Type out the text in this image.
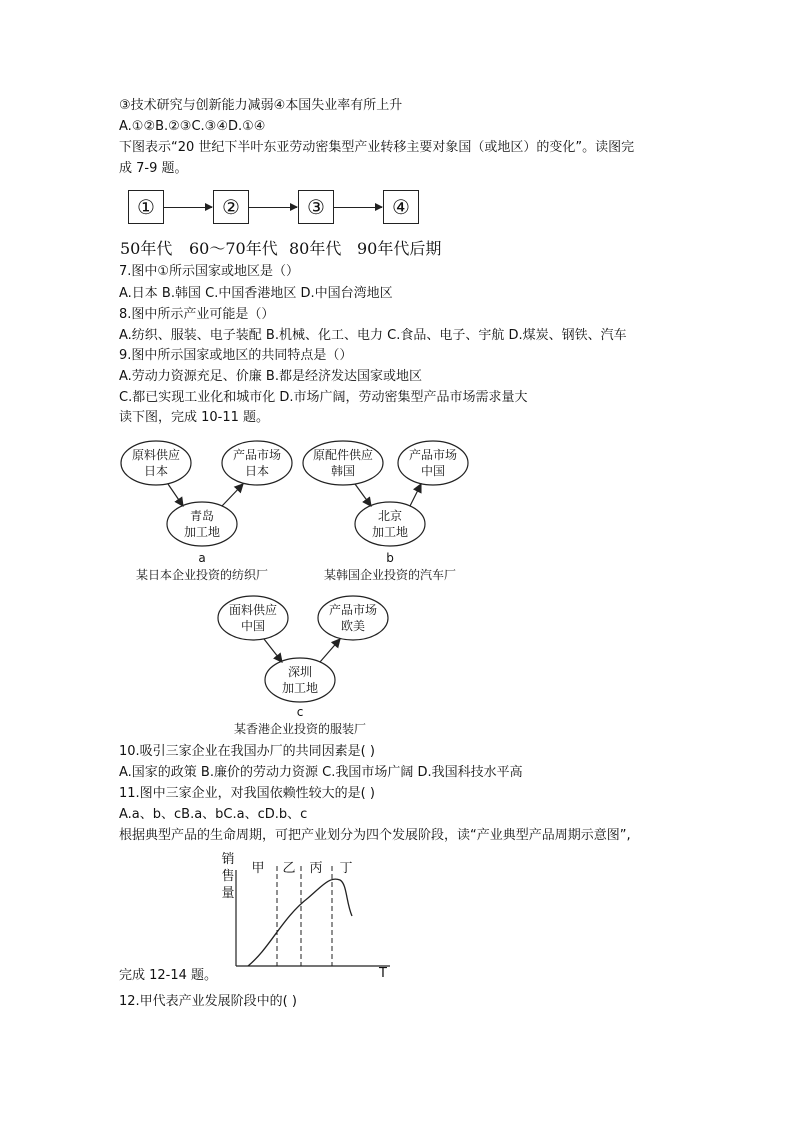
③技术研究与创新能力减弱④本国失业率有所上升
A.①②B.②③C.③④D.①④
下图表示“20 世纪下半叶东亚劳动密集型产业转移主要对象国（或地区）的变化”。读图完
成 7-9 题。
①	②	③	④
50年代 60～70年代 80年代 90年代后期
7.图中①所示国家或地区是（）
A.日本 B.韩国 C.中国香港地区 D.中国台湾地区
8.图中所示产业可能是（）
A.纺织、服装、电子装配 B.机械、化工、电力 C.食品、电子、宇航 D.煤炭、钢铁、汽车
9.图中所示国家或地区的共同特点是（）
A.劳动力资源充足、价廉 B.都是经济发达国家或地区
C.都已实现工业化和城市化 D.市场广阔，劳动密集型产品市场需求量大
读下图，完成 10-11 题。
原料供应
日本
产品市场
日本
青岛
加工地
a
某日本企业投资的纺织厂
原配件供应
韩国
产品市场
中国
北京
加工地
b
某韩国企业投资的汽车厂
面料供应
中国
产品市场
欧美
深圳
加工地
c
某香港企业投资的服装厂
10.吸引三家企业在我国办厂的共同因素是( )
A.国家的政策 B.廉价的劳动力资源 C.我国市场广阔 D.我国科技水平高
11.图中三家企业，对我国依赖性较大的是( )
A.a、b、cB.a、bC.a、cD.b、c
根据典型产品的生命周期，可把产业划分为四个发展阶段，读“产业典型产品周期示意图”,
销
售
量
T
甲 乙 丙 丁
完成 12-14 题。
12.甲代表产业发展阶段中的( )
